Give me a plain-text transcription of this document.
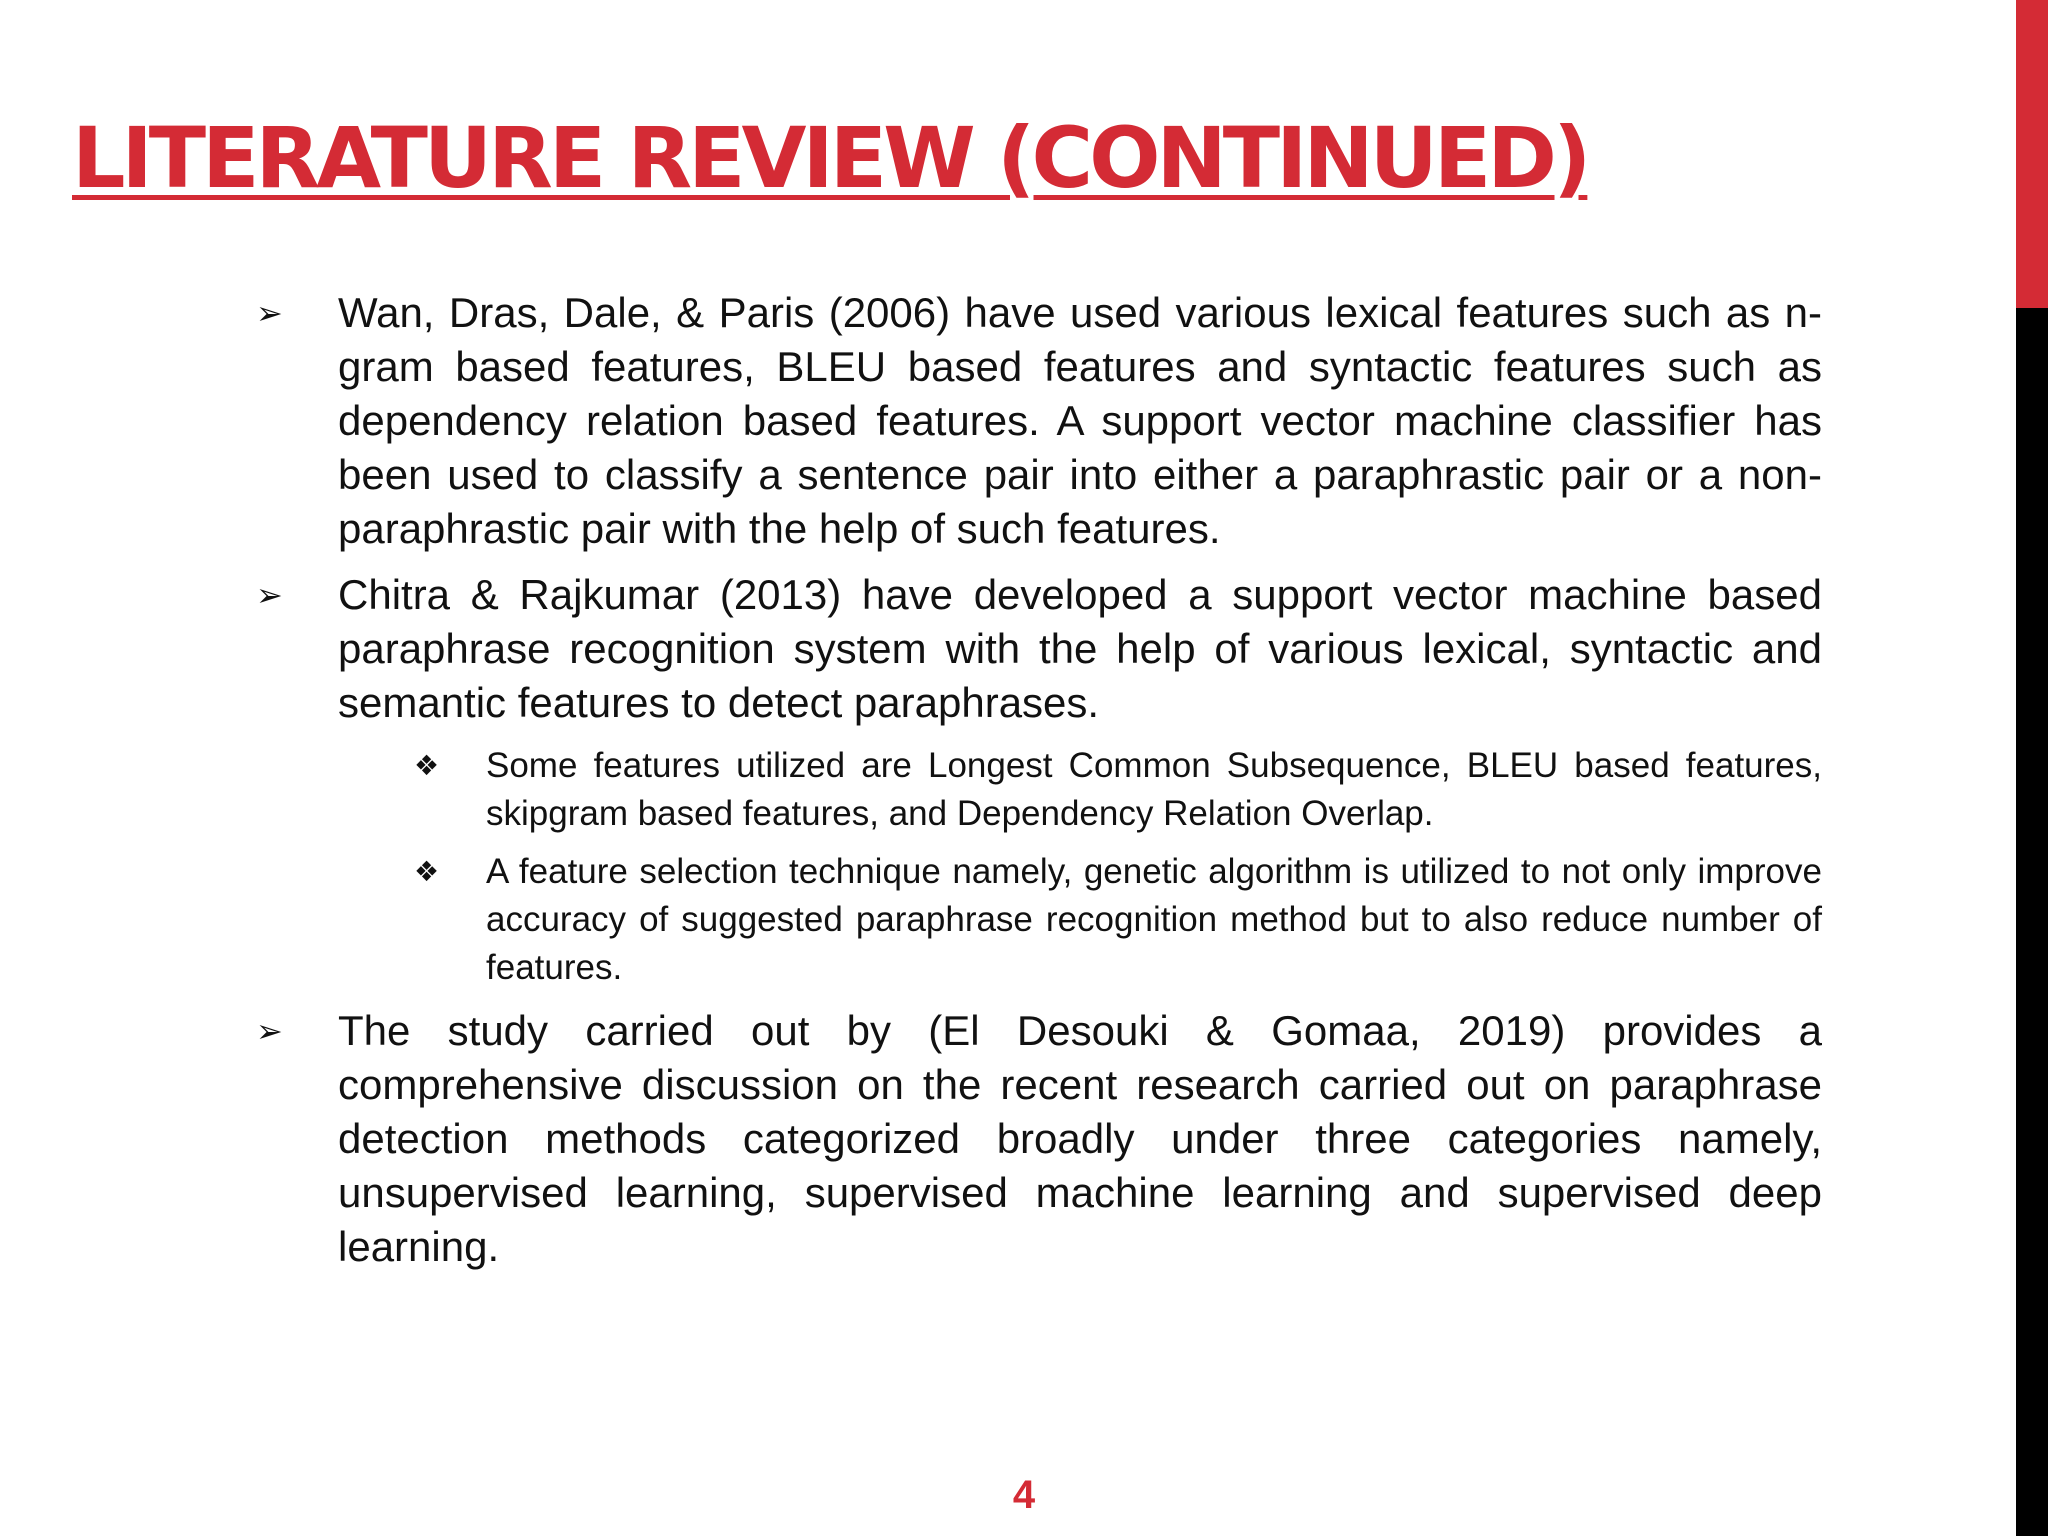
LITERATURE REVIEW (CONTINUED)
➢	Wan, Dras, Dale, & Paris (2006) have used various lexical features such as n-gram based features, BLEU based features and syntactic features such as dependency relation based features. A support vector machine classifier has been used to classify a sentence pair into either a paraphrastic pair or a non-paraphrastic pair with the help of such features.
➢	Chitra & Rajkumar (2013) have developed a support vector machine based paraphrase recognition system with the help of various lexical, syntactic and semantic features to detect paraphrases.
❖	Some features utilized are Longest Common Subsequence, BLEU based features, skipgram based features, and Dependency Relation Overlap.
❖	A feature selection technique namely, genetic algorithm is utilized to not only improve accuracy of suggested paraphrase recognition method but to also reduce number of features.
➢	The study carried out by (El Desouki & Gomaa, 2019) provides a comprehensive discussion on the recent research carried out on paraphrase detection methods categorized broadly under three categories namely, unsupervised learning, supervised machine learning and supervised deep learning.
4
